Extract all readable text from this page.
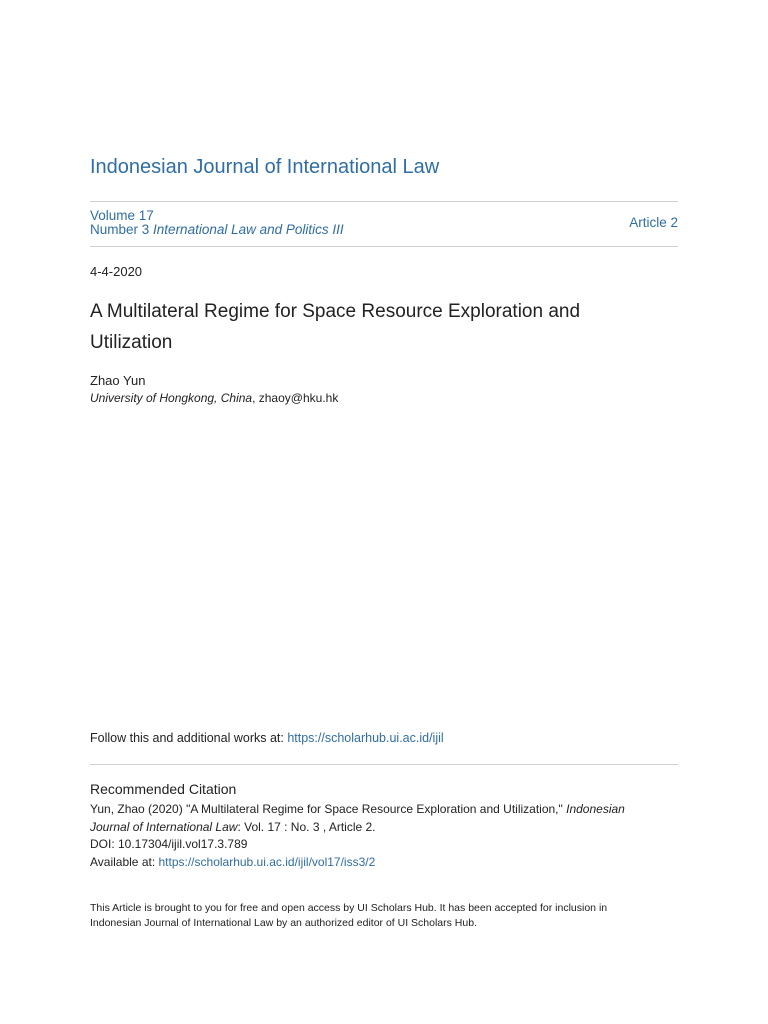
Indonesian Journal of International Law
Volume 17
Number 3 International Law and Politics III	Article 2
4-4-2020
A Multilateral Regime for Space Resource Exploration and Utilization
Zhao Yun
University of Hongkong, China, zhaoy@hku.hk
Follow this and additional works at: https://scholarhub.ui.ac.id/ijil
Recommended Citation
Yun, Zhao (2020) "A Multilateral Regime for Space Resource Exploration and Utilization," Indonesian
Journal of International Law: Vol. 17 : No. 3 , Article 2.
DOI: 10.17304/ijil.vol17.3.789
Available at: https://scholarhub.ui.ac.id/ijil/vol17/iss3/2
This Article is brought to you for free and open access by UI Scholars Hub. It has been accepted for inclusion in
Indonesian Journal of International Law by an authorized editor of UI Scholars Hub.
